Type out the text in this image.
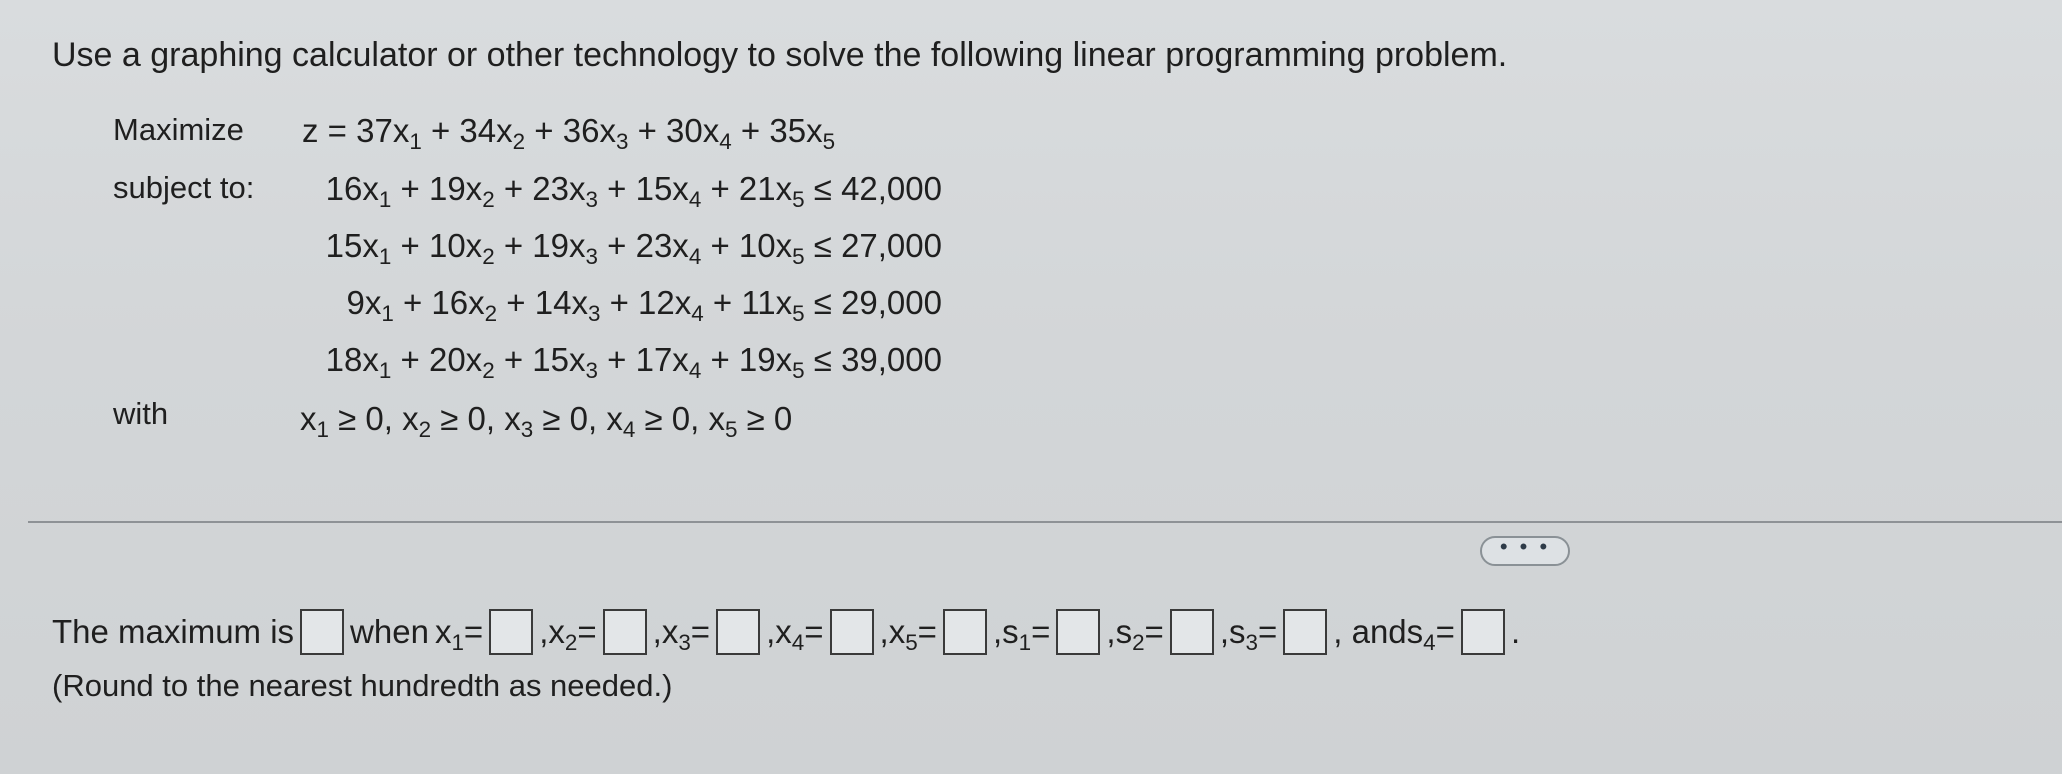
Use a graphing calculator or other technology to solve the following linear programming problem.
Maximize
subject to:
with
$z = 37x_1 + 34x_2 + 36x_3 + 30x_4 + 35x_5$
$16x_1 + 19x_2 + 23x_3 + 15x_4 + 21x_5 \le 42,000$
$15x_1 + 10x_2 + 19x_3 + 23x_4 + 10x_5 \le 27,000$
$9x_1 + 16x_2 + 14x_3 + 12x_4 + 11x_5 \le 29,000$
$18x_1 + 20x_2 + 15x_3 + 17x_4 + 19x_5 \le 39,000$
$x_1 \ge 0$, $x_2 \ge 0$, $x_3 \ge 0$, $x_4 \ge 0$, $x_5 \ge 0$
• • •
The maximum is when $x_1$ = , $x_2$ = , $x_3$ = , $x_4$ = , $x_5$ = , $s_1$ = , $s_2$ = , $s_3$ = , and $s_4$ = .
(Round to the nearest hundredth as needed.)
